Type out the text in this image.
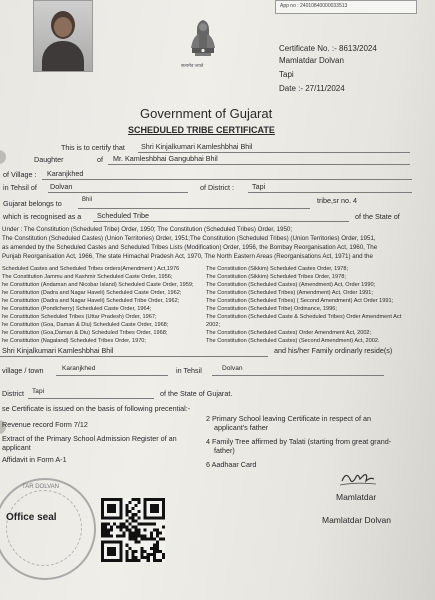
सत्यमेव जयते
App no : 24010840000033513
Certificate No. :- 8613/2024
Mamlatdar Dolvan
Tapi
Date :- 27/11/2024
Government of Gujarat
SCHEDULED TRIBE CERTIFICATE
This is to certify that Shri Kinjalkumari Kamleshbhai Bhil
Daughter	of Mr. Kamleshbhai Gangubhai Bhil
of Village : Karanjkhed
in Tehsil of Dolvan	of District :	Tapi
Gujarat belongs to	Bhil	tribe,sr no. 4
which is recognised as a Scheduled Tribe	of the State of
Under : The Constitution (Scheduled Tribe) Order, 1950; The Constitution (Scheduled Tribes) Order, 1950;
The Constitution (Scheduled Castes) (Union Territories) Order, 1951;The Constitution (Scheduled Tribes) (Union Territories) Order, 1951,
as amended by the Scheduled Castes and Scheduled Tribes Lists (Modification) Order, 1956, the Bombay Reorganisation Act, 1960, The
Punjab Reorganisation Act, 1966, The state Himachal Pradesh Act, 1970, The North Eastern Areas (Reorganisations Act, 1971) and the
Scheduled Castes and Scheduled Tribes orders(Amendment ) Act,1976
The Constitution Jammu and Kashmir Scheduled Caste Order, 1956;
he Constitution (Andaman and Nicobar Island) Scheduled Caste Order, 1959;
he Constitution (Dadra and Nagar Haveli) Scheduled Caste Order, 1962;
he Constitution (Dadra and Nagar Haveli) Scheduled Tribe Order, 1962;
he Constitution (Pondicherry) Scheduled Caste Order, 1964;
he Constitution Scheduled Tribes (Uttar Pradesh) Order, 1967;
he Constitution (Goa, Daman & Diu) Scheduled Caste Order, 1968;
he Constitution (Goa,Daman & Diu) Scheduled Tribes Order, 1968;
he Constitution (Nagaland) Scheduled Tribes Order, 1970;
The Constitution (Sikkim) Scheduled Castes Order, 1978;
The Constitution (Sikkim) Scheduled Tribes Order, 1978;
The Constitution (Scheduled Castes) (Amendment) Act, Order 1990;
The Constitution (Scheduled Tribes) (Amendment) Act, Order 1991;
The Constitution (Scheduled Tribes) ( Second Amendment) Act Order 1991;
The Constitution (Scheduled Tribe) Ordinance, 1996;
The Constitution (Scheduled Caste & Scheduled Tribes) Order Amendment Act
2002;
The Constitution (Scheduled Castes) Order Amendment Act, 2002;
The Constitution (Scheduled Castes) (Second Amendment) Act, 2002.
Shri Kinjalkumari Kamleshbhai Bhil	and his/her Family ordinarly reside(s)
village / town	Karanjkhed	in Tehsil	Dolvan
District Tapi	of the State of Gujarat.
se Certificate is issued on the basis of following precential:-
Revenue record Form 7/12
Extract of the Primary School Admission Register of an
applicant
Affidavit in Form A-1
2 Primary School leaving Certificate in respect of an
applicant's father
4 Family Tree affirmed by Talati (starting from great grand-
father)
6 Aadhaar Card
TAR DOLVAN
Office seal
Mamlatdar
Mamlatdar Dolvan
